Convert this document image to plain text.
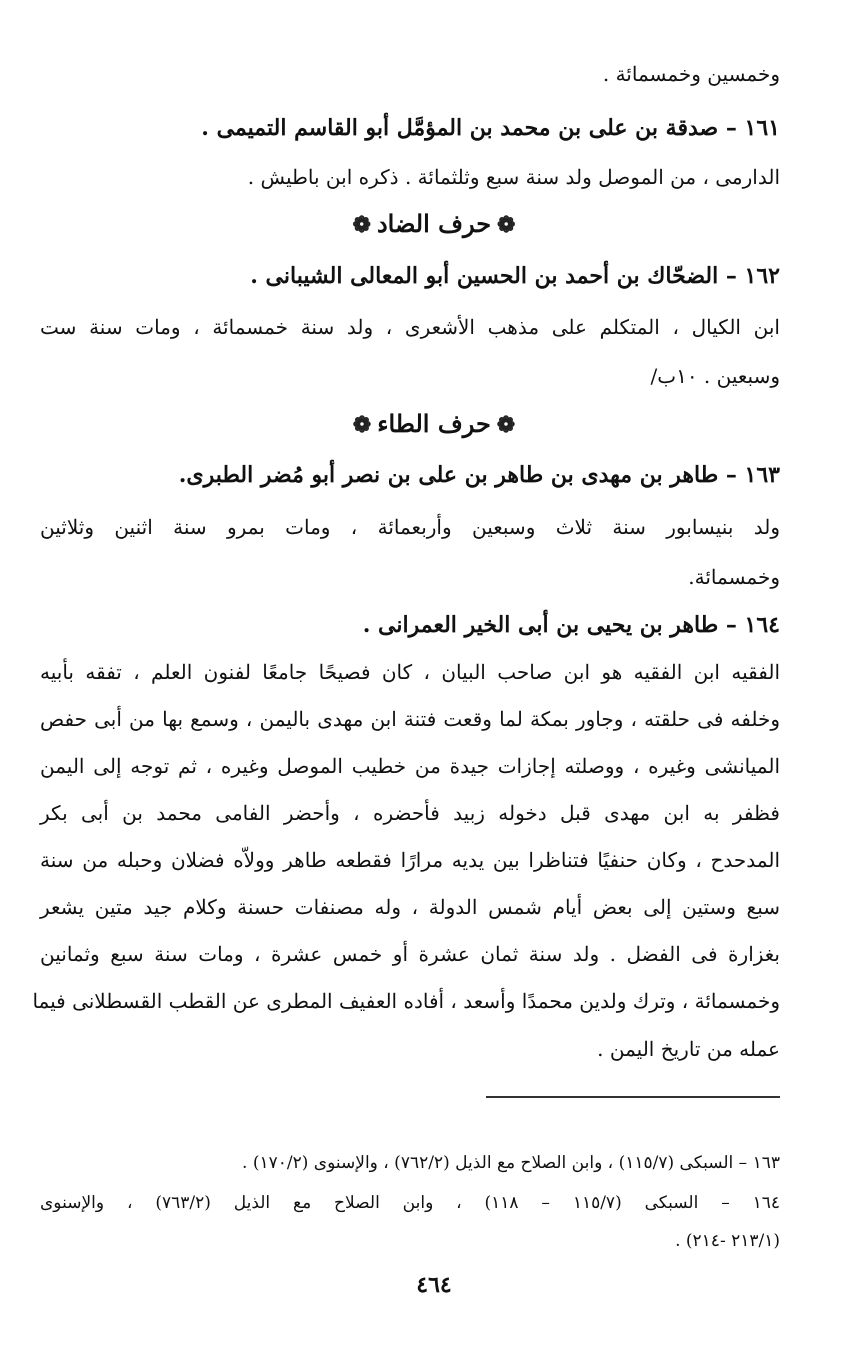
وخمسين وخمسمائة .
١٦١ – صدقة بن على بن محمد بن المؤمَّل أبو القاسم التميمى .
الدارمى ، من الموصل ولد سنة سبع وثلثمائة . ذكره ابن باطيش .
❁حرف الضاد❁
١٦٢ – الضحّاك بن أحمد بن الحسين أبو المعالى الشيبانى .
ابن الكيال ، المتكلم على مذهب الأشعرى ، ولد سنة خمسمائة ، ومات سنة ست
وسبعين . ١٠ب/
❁حرف الطاء❁
١٦٣ – طاهر بن مهدى بن طاهر بن على بن نصر أبو مُضر الطبرى.
ولد بنيسابور سنة ثلاث وسبعين وأربعمائة ، ومات بمرو سنة اثنين وثلاثين
وخمسمائة.
١٦٤ – طاهر بن يحيى بن أبى الخير العمرانى .
الفقيه ابن الفقيه هو ابن صاحب البيان ، كان فصيحًا جامعًا لفنون العلم ، تفقه بأبيه
وخلفه فى حلقته ، وجاور بمكة لما وقعت فتنة ابن مهدى باليمن ، وسمع بها من أبى حفص
الميانشى وغيره ، ووصلته إجازات جيدة من خطيب الموصل وغيره ، ثم توجه إلى اليمن
فظفر به ابن مهدى قبل دخوله زبيد فأحضره ، وأحضر الفامى محمد بن أبى بكر
المدحدح ، وكان حنفيًا فتناظرا بين يديه مرارًا فقطعه طاهر وولاّه فضلان وحبله من سنة
سبع وستين إلى بعض أيام شمس الدولة ، وله مصنفات حسنة وكلام جيد متين يشعر
بغزارة فى الفضل . ولد سنة ثمان عشرة أو خمس عشرة ، ومات سنة سبع وثمانين
وخمسمائة ، وترك ولدين محمدًا وأسعد ، أفاده العفيف المطرى عن القطب القسطلانى فيما
عمله من تاريخ اليمن .
١٦٣ – السبكى (١١٥/٧) ، وابن الصلاح مع الذيل (٧٦٢/٢) ، والإسنوى (١٧٠/٢) .
١٦٤ – السبكى (١١٥/٧ – ١١٨) ، وابن الصلاح مع الذيل (٧٦٣/٢) ، والإسنوى
(٢١٣/١ -٢١٤) .
٤٦٤
